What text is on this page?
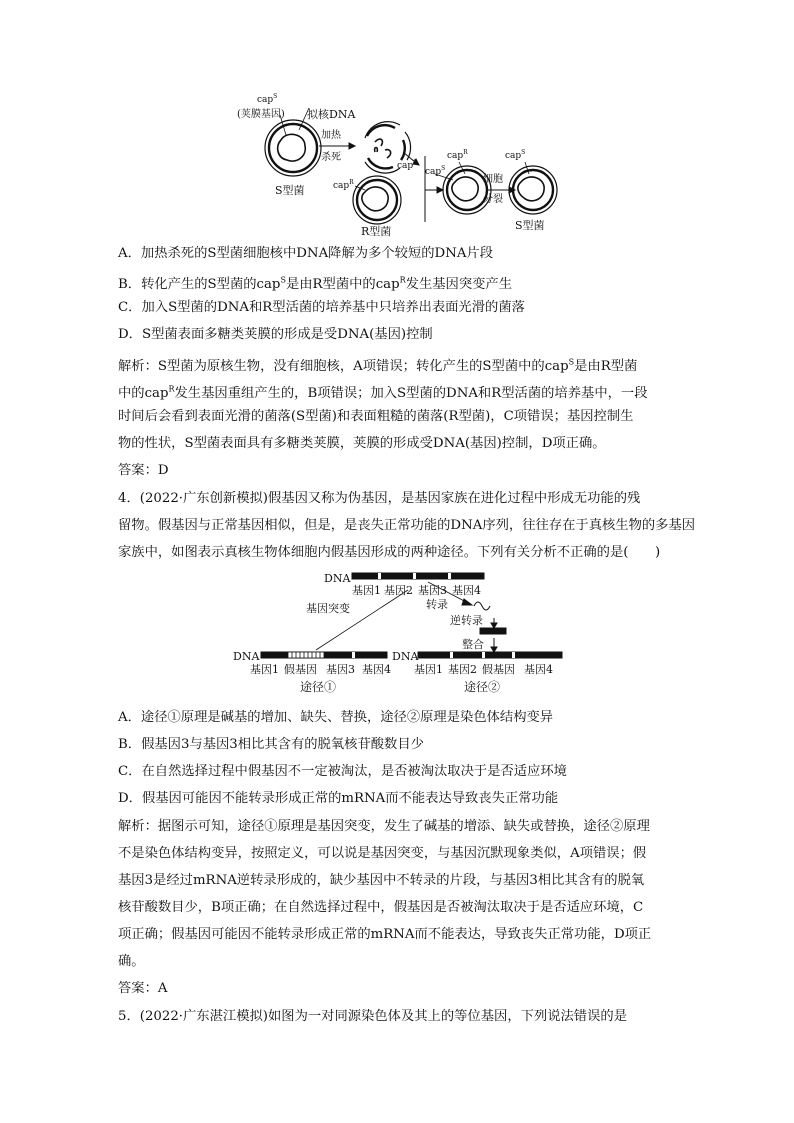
cap$^S$
(荚膜基因) 拟核DNA
加热
杀死
S型菌
cap$^S$
cap$^R$
R型菌
cap$^R$
cap$^S$
细胞
分裂
cap$^S$
S型菌
A．加热杀死的S型菌细胞核中DNA降解为多个较短的DNA片段
B．转化产生的S型菌的cap$^S$是由R型菌中的cap$^R$发生基因突变产生
C．加入S型菌的DNA和R型活菌的培养基中只培养出表面光滑的菌落
D．S型菌表面多糖类荚膜的形成是受DNA(基因)控制
解析：S型菌为原核生物，没有细胞核，A项错误；转化产生的S型菌中的cap$^S$是由R型菌
中的cap$^R$发生基因重组产生的，B项错误；加入S型菌的DNA和R型活菌的培养基中，一段
时间后会看到表面光滑的菌落(S型菌)和表面粗糙的菌落(R型菌)，C项错误；基因控制生
物的性状，S型菌表面具有多糖类荚膜，荚膜的形成受DNA(基因)控制，D项正确。
答案：D
4．(2022·广东创新模拟)假基因又称为伪基因，是基因家族在进化过程中形成无功能的残
留物。假基因与正常基因相似，但是，是丧失正常功能的DNA序列，往往存在于真核生物的多基因
家族中，如图表示真核生物体细胞内假基因形成的两种途径。下列有关分析不正确的是(　　)
DNA
基因1 基因2 基因3 基因4
基因突变	转录
逆转录
整合
DNA	DNA
基因1 假基因 基因3 基因4 基因1 基因2 假基因 基因4
途径①	途径②
A．途径①原理是碱基的增加、缺失、替换，途径②原理是染色体结构变异
B．假基因3与基因3相比其含有的脱氧核苷酸数目少
C．在自然选择过程中假基因不一定被淘汰，是否被淘汰取决于是否适应环境
D．假基因可能因不能转录形成正常的mRNA而不能表达导致丧失正常功能
解析：据图示可知，途径①原理是基因突变，发生了碱基的增添、缺失或替换，途径②原理
不是染色体结构变异，按照定义，可以说是基因突变，与基因沉默现象类似，A项错误；假
基因3是经过mRNA逆转录形成的，缺少基因中不转录的片段，与基因3相比其含有的脱氧
核苷酸数目少，B项正确；在自然选择过程中，假基因是否被淘汰取决于是否适应环境，C
项正确；假基因可能因不能转录形成正常的mRNA而不能表达，导致丧失正常功能，D项正
确。
答案：A
5．(2022·广东湛江模拟)如图为一对同源染色体及其上的等位基因，下列说法错误的是
